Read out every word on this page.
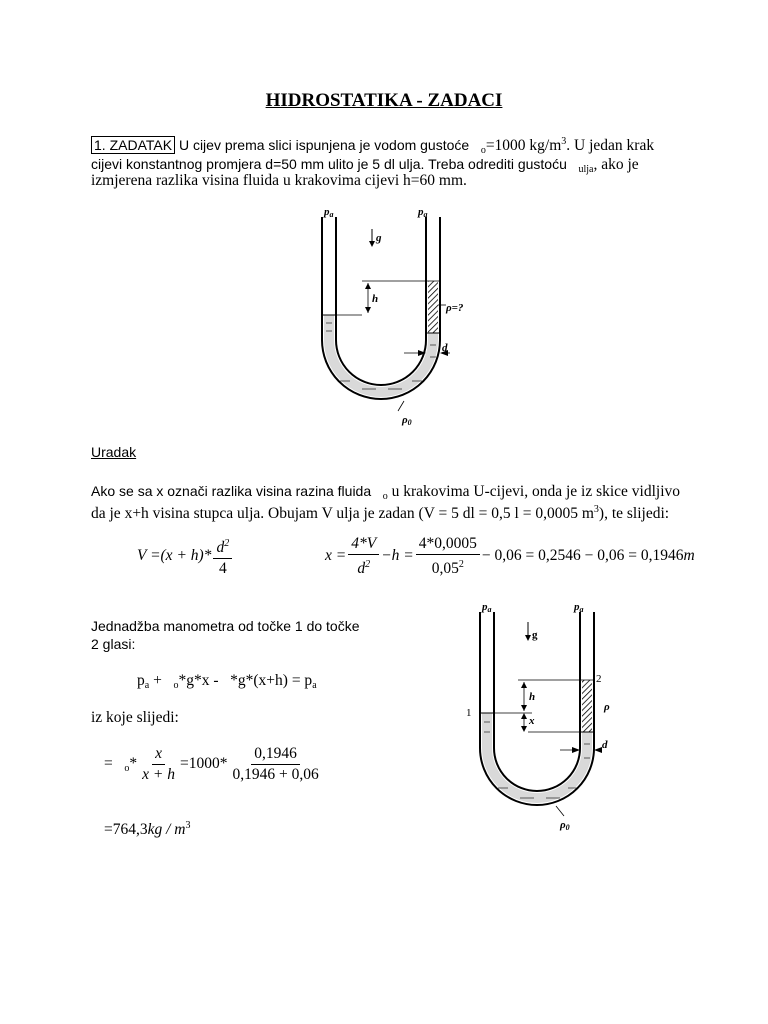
HIDROSTATIKA - ZADACI
1. ZADATAK U cijev prema slici ispunjena je vodom gustoće $_o$=1000 $kg/m^3$. U jedan krak
cijevi konstantnog promjera d=50 mm ulito je 5 dl ulja. Treba odrediti gustoću $_{ulja}$, ako je
izmjerena razlika visina fluida u krakovima cijevi h=60 mm.
h
g
pa	pa
ρ=?
d
ρ0
Uradak
Ako se sa x označi razlika visina razina fluida $_o$ u krakovima U-cijevi, onda je iz skice vidljivo
da je x+h visina stupca ulja. Obujam V ulja je zadan (V = 5 dl = 0,5 l = 0,0005 $m^3$), te slijedi:
$V =(x + h)* \frac{d^2}{4}$	$x = \frac{4*V}{d^2} -h = \frac{4*0,0005}{0,05^2} - 0,06 = 0,2546 - 0,06 = 0,1946m$
Jednadžba manometra od točke 1 do točke
2 glasi:
$p_a + _o*g*x - *g*(x+h) = p_a$
iz koje slijedi:
= $_o* \frac{x}{x + h} =1000* \frac{0,1946}{0,1946 + 0,06}$
$=764,3kg / m^3$
h
x
g
pa	pa
1
2
ρ
d
ρ0
